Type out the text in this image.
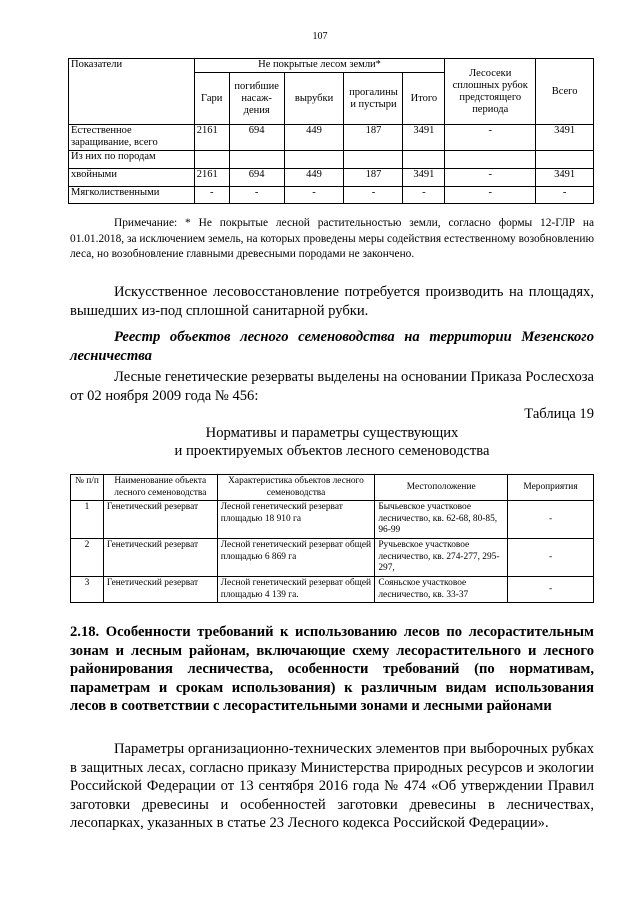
107
Показатели	Не покрытые лесом земли*					Лесосеки сплошных рубок предстоящего периода	Всего
	Гари	погибшие насаж-дения	вырубки	прогалины и пустыри	Итого		
Естественное заращивание, всего	2161	694	449	187	3491	-	3491
Из них по породам							
хвойными	2161	694	449	187	3491	-	3491
Мягколиственными	-	-	-	-	-	-	-
Примечание: * Не покрытые лесной растительностью земли, согласно формы 12-ГЛР на 01.01.2018, за исключением земель, на которых проведены меры содействия естественному возобновлению леса, но возобновление главными древесными породами не закончено.
Искусственное лесовосстановление потребуется производить на площадях, вышедших из-под сплошной санитарной рубки.
Реестр объектов лесного семеноводства на территории Мезенского лесничества
Лесные генетические резерваты выделены на основании Приказа Рослесхоза от 02 ноября 2009 года № 456:
Таблица 19
Нормативы и параметры существующих
и проектируемых объектов лесного семеноводства
№ п/п	Наименование объекта лесного семеноводства	Характеристика объектов лесного семеноводства	Местоположение	Мероприятия
1	Генетический резерват	Лесной генетический резерват площадью 18 910 га	Бычьевское участковое лесничество, кв. 62-68, 80-85, 96-99	-
2	Генетический резерват	Лесной генетический резерват общей площадью 6 869 га	Ручьевское участковое лесничество, кв. 274-277, 295-297,	-
3	Генетический резерват	Лесной генетический резерват общей площадью 4 139 га.	Сояньское участковое лесничество, кв. 33-37	-
2.18. Особенности требований к использованию лесов по лесорастительным зонам и лесным районам, включающие схему лесорастительного и лесного районирования лесничества, особенности требований (по нормативам, параметрам и срокам использования) к различным видам использования лесов в соответствии с лесорастительными зонами и лесными районами
Параметры организационно-технических элементов при выборочных рубках в защитных лесах, согласно приказу Министерства природных ресурсов и экологии Российской Федерации от 13 сентября 2016 года № 474 «Об утверждении Правил заготовки древесины и особенностей заготовки древесины в лесничествах, лесопарках, указанных в статье 23 Лесного кодекса Российской Федерации».
